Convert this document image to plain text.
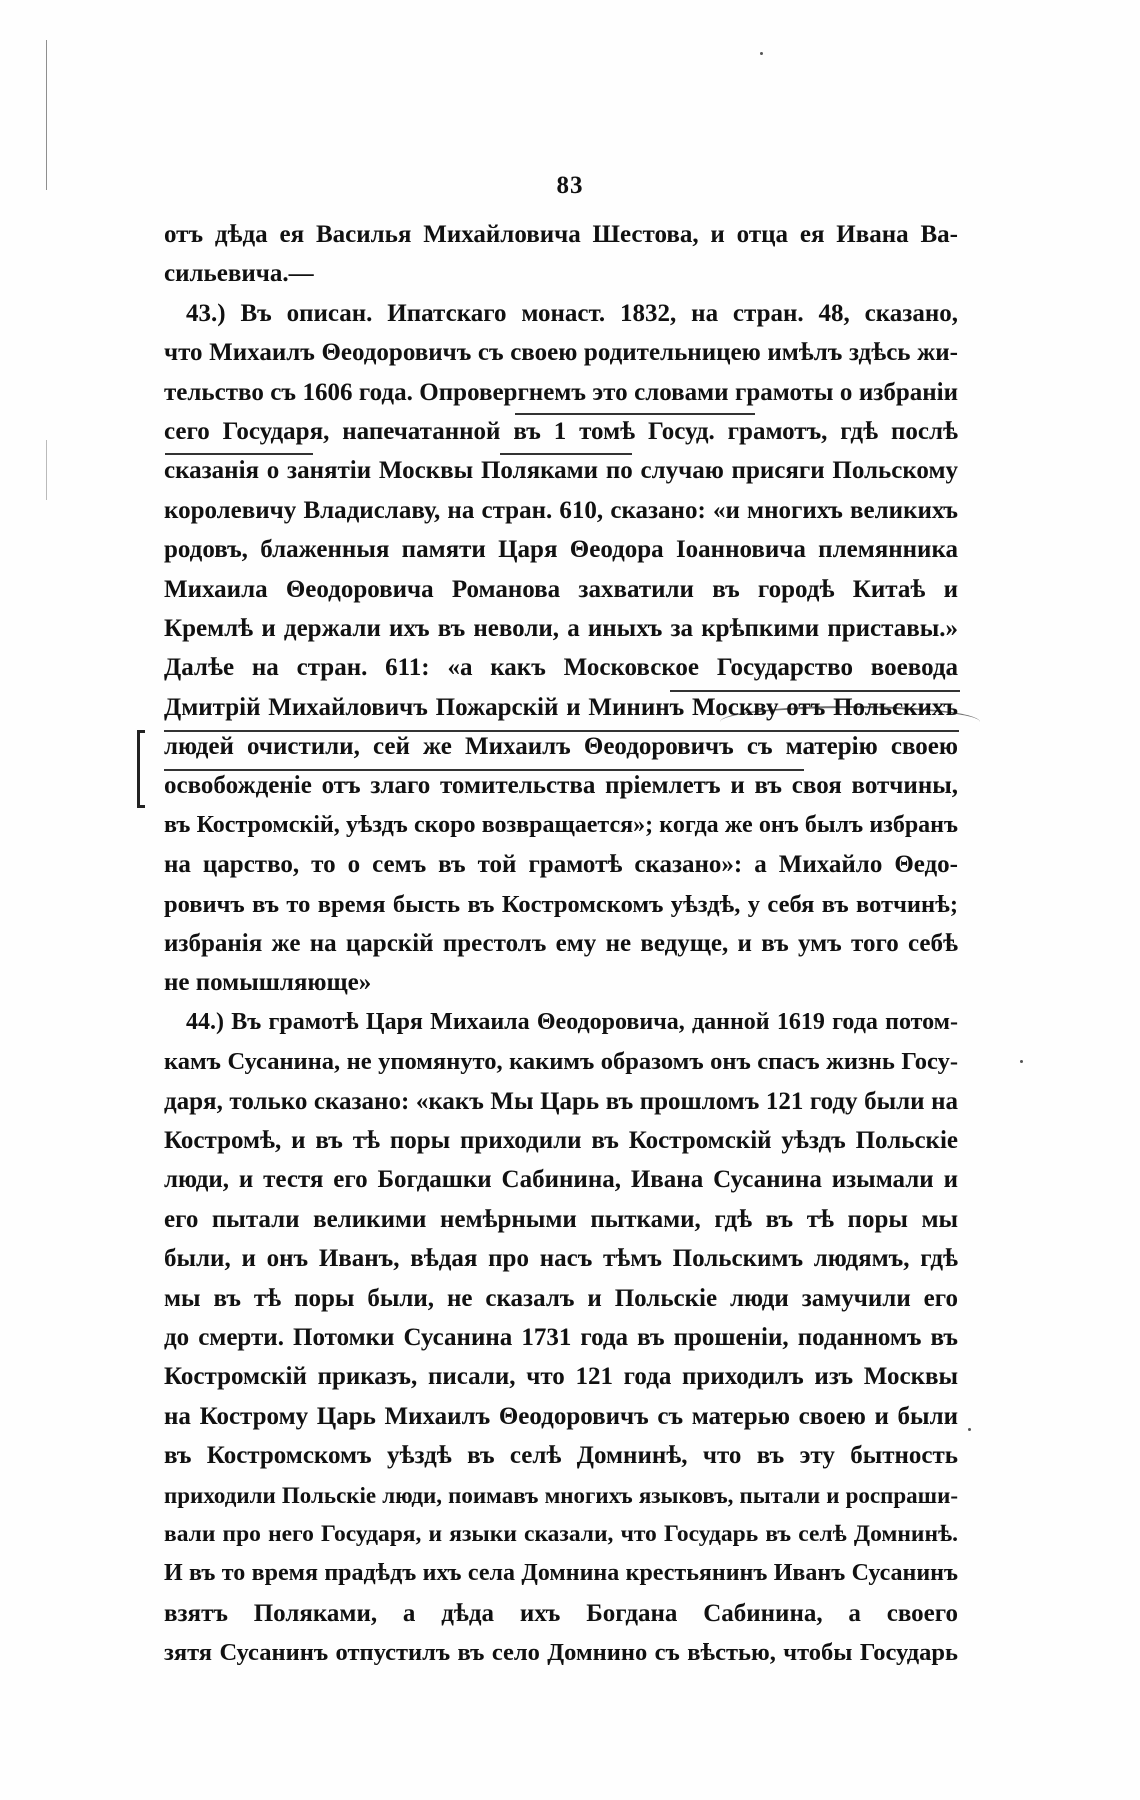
83
отъ дѣда ея Василья Михайловича Шестова, и отца ея Ивана Ва-
сильевича.—
43.) Въ описан. Ипатскаго монаст. 1832, на стран. 48, сказано,
что Михаилъ Θеодоровичъ съ своею родительницею имѣлъ здѣсь жи-
тельство съ 1606 года. Опровергнемъ это словами грамоты о избраніи
сего Государя, напечатанной въ 1 томѣ Госуд. грамотъ, гдѣ послѣ
сказанія о занятіи Москвы Поляками по случаю присяги Польскому
королевичу Владиславу, на стран. 610, сказано: «и многихъ великихъ
родовъ, блаженныя памяти Царя Θеодора Іоанновича племянника
Михаила Θеодоровича Романова захватили въ городѣ Китаѣ и
Кремлѣ и держали ихъ въ неволи, а иныхъ за крѣпкими приставы.»
Далѣе на стран. 611: «а какъ Московское Государство воевода
Дмитрій Михайловичъ Пожарскій и Мининъ Москву отъ Польскихъ
людей очистили, сей же Михаилъ Θеодоровичъ съ матерію своею
освобожденіе отъ злаго томительства пріемлетъ и въ своя вотчины,
въ Костромскій, уѣздъ скоро возвращается»; когда же онъ былъ избранъ
на царство, то о семъ въ той грамотѣ сказано»: а Михайло Θедо-
ровичъ въ то время бысть въ Костромскомъ уѣздѣ, у себя въ вотчинѣ;
избранія же на царскій престолъ ему не ведуще, и въ умъ того себѣ
не помышляюще»
44.) Въ грамотѣ Царя Михаила Θеодоровича, данной 1619 года потом-
камъ Сусанина, не упомянуто, какимъ образомъ онъ спасъ жизнь Госу-
даря, только сказано: «какъ Мы Царь въ прошломъ 121 году были на
Костромѣ, и въ тѣ поры приходили въ Костромскій уѣздъ Польскіе
люди, и тестя его Богдашки Сабинина, Ивана Сусанина изымали и
его пытали великими немѣрными пытками, гдѣ въ тѣ поры мы
были, и онъ Иванъ, вѣдая про насъ тѣмъ Польскимъ людямъ, гдѣ
мы въ тѣ поры были, не сказалъ и Польскіе люди замучили его
до смерти. Потомки Сусанина 1731 года въ прошеніи, поданномъ въ
Костромскій приказъ, писали, что 121 года приходилъ изъ Москвы
на Кострому Царь Михаилъ Θеодоровичъ съ матерью своею и были
въ Костромскомъ уѣздѣ въ селѣ Домнинѣ, что въ эту бытность
приходили Польскіе люди, поимавъ многихъ языковъ, пытали и роспраши-
вали про него Государя, и языки сказали, что Государь въ селѣ Домнинѣ.
И въ то время прадѣдъ ихъ села Домнина крестьянинъ Иванъ Сусанинъ
взятъ Поляками, а дѣда ихъ Богдана Сабинина, а своего
зятя Сусанинъ отпустилъ въ село Домнино съ вѣстью, чтобы Государь
